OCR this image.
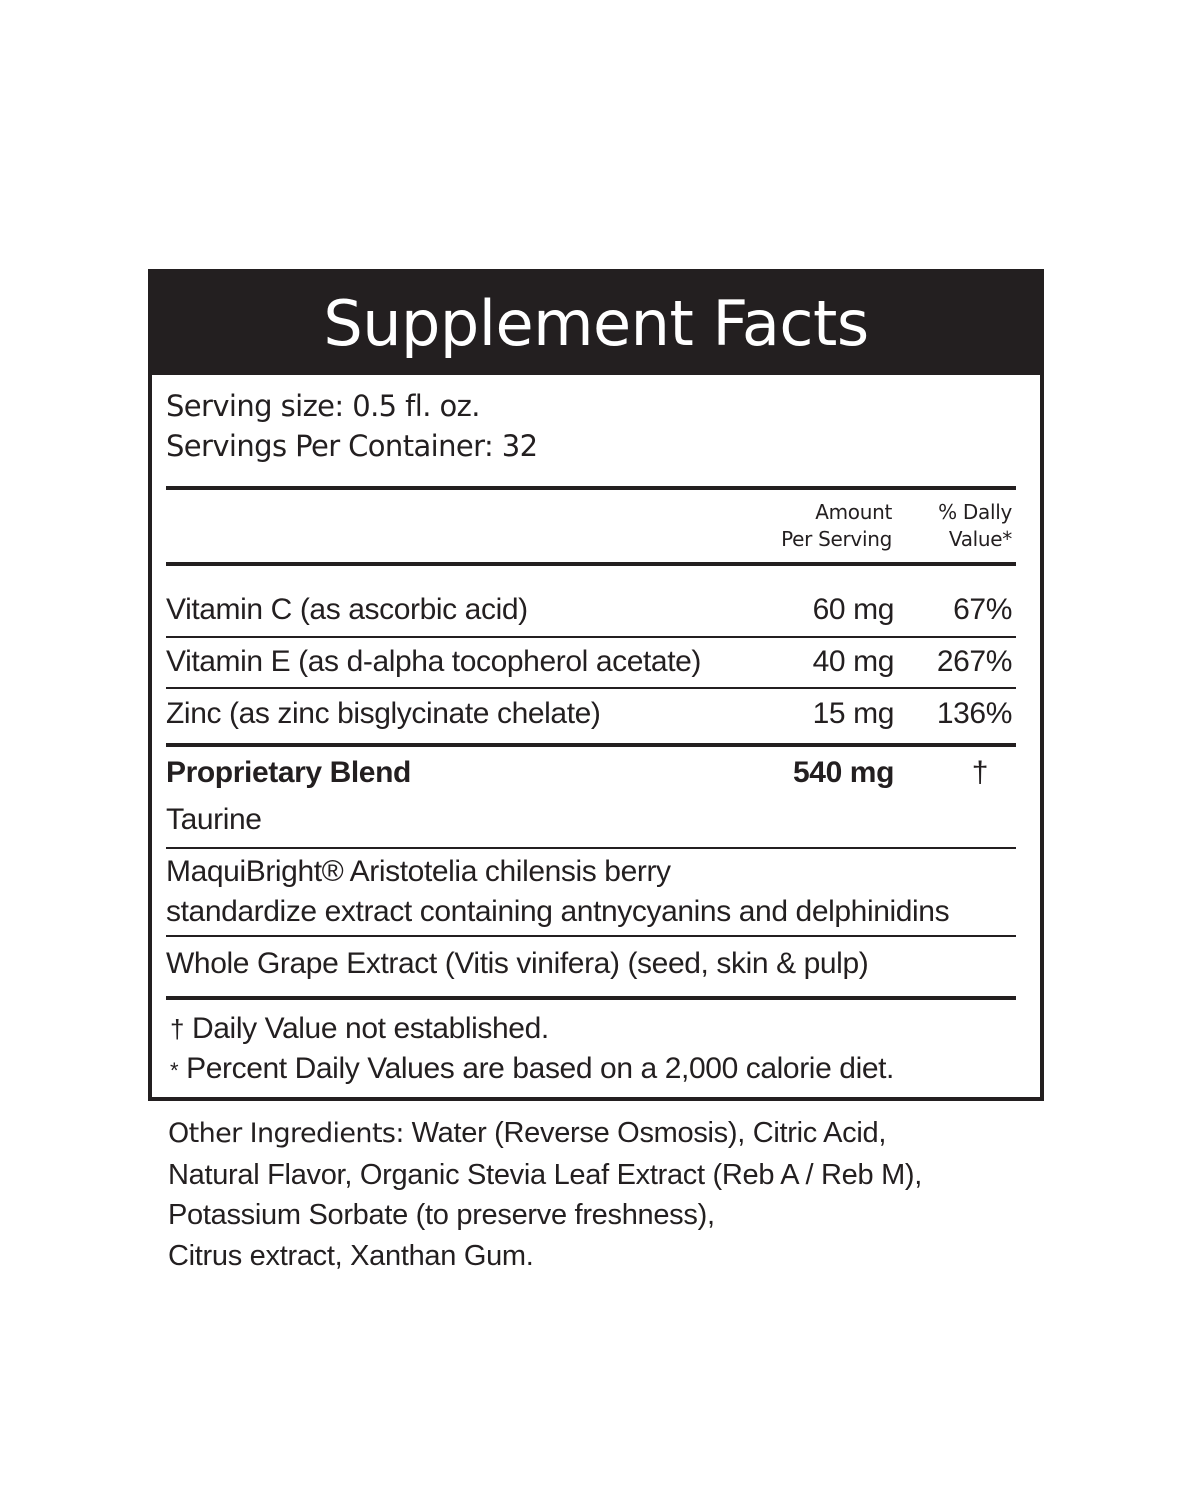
Supplement Facts
Serving size: 0.5 fl. oz.
Servings Per Container: 32
Amount
Per Serving
% Dally
Value*
Vitamin C (as ascorbic acid)	60 mg 67%
Vitamin E (as d-alpha tocopherol acetate)	40 mg 267%
Zinc (as zinc bisglycinate chelate)	15 mg 136%
Proprietary Blend	540 mg	†
Taurine
MaquiBright® Aristotelia chilensis berry
standardize extract containing antnycyanins and delphinidins
Whole Grape Extract (Vitis vinifera) (seed, skin & pulp)
† Daily Value not established.
* Percent Daily Values are based on a 2,000 calorie diet.
Other Ingredients: Water (Reverse Osmosis), Citric Acid,
Natural Flavor, Organic Stevia Leaf Extract (Reb A / Reb M),
Potassium Sorbate (to preserve freshness),
Citrus extract, Xanthan Gum.
